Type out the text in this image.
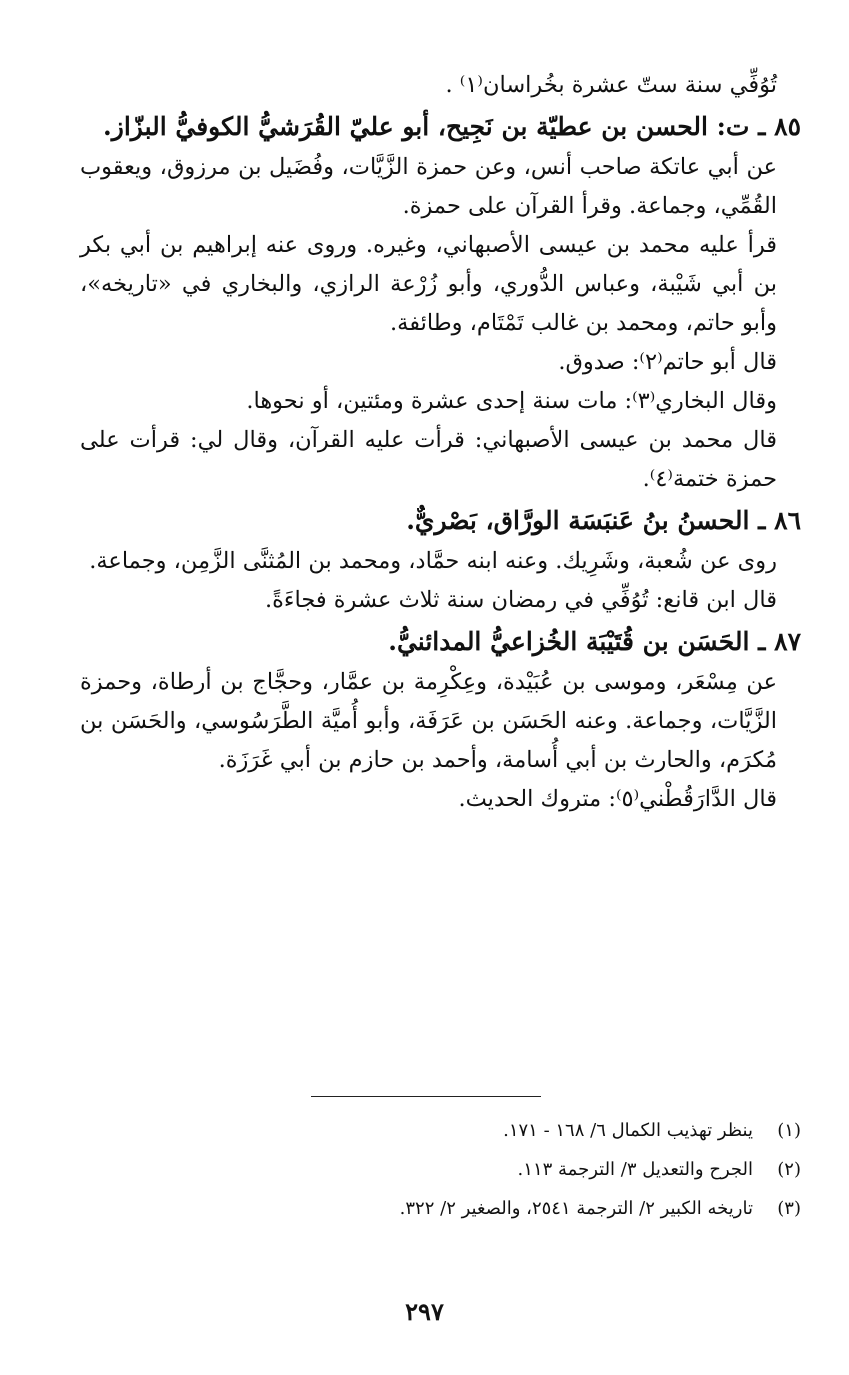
تُوُفِّي سنة ستّ عشرة بخُراسان⁽١⁾ .
٨٥ ـ ت: الحسن بن عطيّة بن نَجِيح، أبو عليّ القُرَشيُّ الكوفيُّ البزّاز.

عن أبي عاتكة صاحب أنس، وعن حمزة الزَّيَّات، وفُضَيل بن مرزوق، ويعقوب القُمِّي، وجماعة. وقرأ القرآن على حمزة.

قرأ عليه محمد بن عيسى الأصبهاني، وغيره. وروى عنه إبراهيم بن أبي بكر بن أبي شَيْبة، وعباس الدُّوري، وأبو زُرْعة الرازي، والبخاري في «تاريخه»، وأبو حاتم، ومحمد بن غالب تَمْتَام، وطائفة.

قال أبو حاتم⁽٢⁾: صدوق.

وقال البخاري⁽٣⁾: مات سنة إحدى عشرة ومئتين، أو نحوها.

قال محمد بن عيسى الأصبهاني: قرأت عليه القرآن، وقال لي: قرأت على حمزة ختمة⁽٤⁾.

٨٦ ـ الحسنُ بنُ عَنبَسَة الورَّاق، بَصْريٌّ.

روى عن شُعبة، وشَرِيك. وعنه ابنه حمَّاد، ومحمد بن المُثنَّى الزَّمِن، وجماعة.

قال ابن قانع: تُوُفِّي في رمضان سنة ثلاث عشرة فجاءَةً.

٨٧ ـ الحَسَن بن قُتَيْبَة الخُزاعيُّ المدائنيُّ.

عن مِسْعَر، وموسى بن عُبَيْدة، وعِكْرِمة بن عمَّار، وحجَّاج بن أرطاة، وحمزة الزَّيَّات، وجماعة. وعنه الحَسَن بن عَرَفَة، وأبو أُميَّة الطَّرَسُوسي، والحَسَن بن مُكرَم، والحارث بن أبي أُسامة، وأحمد بن حازم بن أبي غَرَزَة.

قال الدَّارَقُطْني⁽٥⁾: متروك الحديث.

(١)
ينظر تهذيب الكمال ٦/ ١٦٨ - ١٧١.
(٢)
الجرح والتعديل ٣/ الترجمة ١١٣.
(٣)
تاريخه الكبير ٢/ الترجمة ٢٥٤١، والصغير ٢/ ٣٢٢.
٢٩٧
